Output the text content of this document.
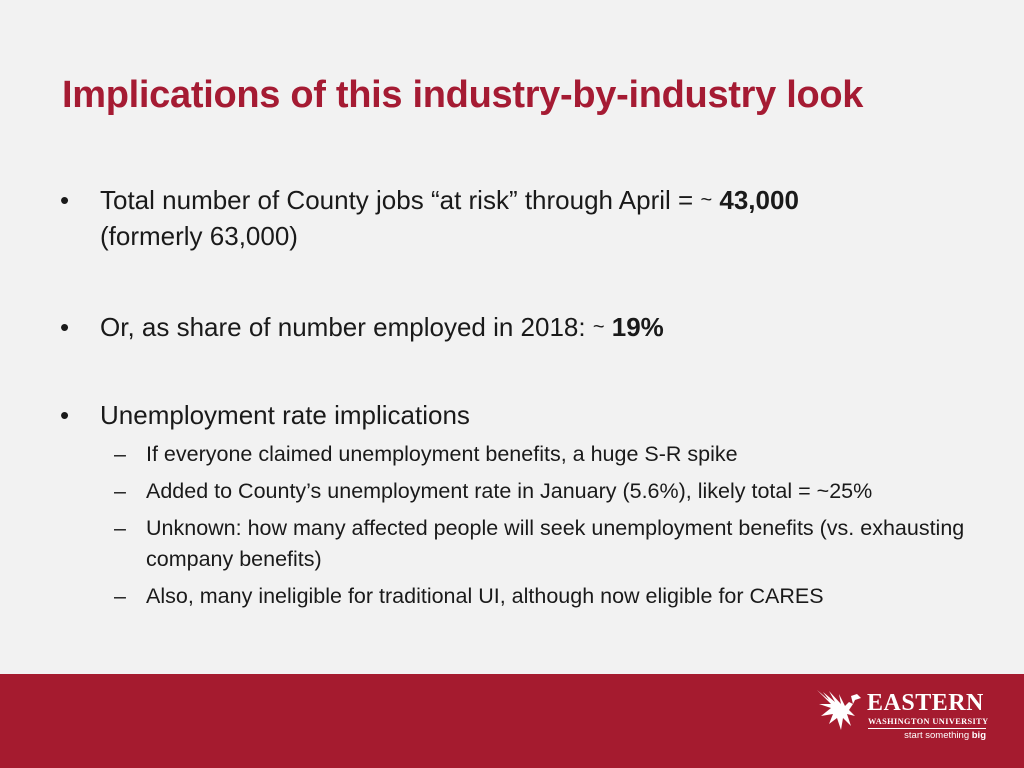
Implications of this industry-by-industry look
• Total number of County jobs “at risk” through April = ~ 43,000
(formerly 63,000)
• Or, as share of number employed in 2018: ~ 19%
• Unemployment rate implications
– If everyone claimed unemployment benefits, a huge S-R spike
– Added to County’s unemployment rate in January (5.6%), likely total = ~25%
– Unknown: how many affected people will seek unemployment benefits (vs. exhausting company benefits)
– Also, many ineligible for traditional UI, although now eligible for CARES
EASTERN
WASHINGTON UNIVERSITY
start something big
